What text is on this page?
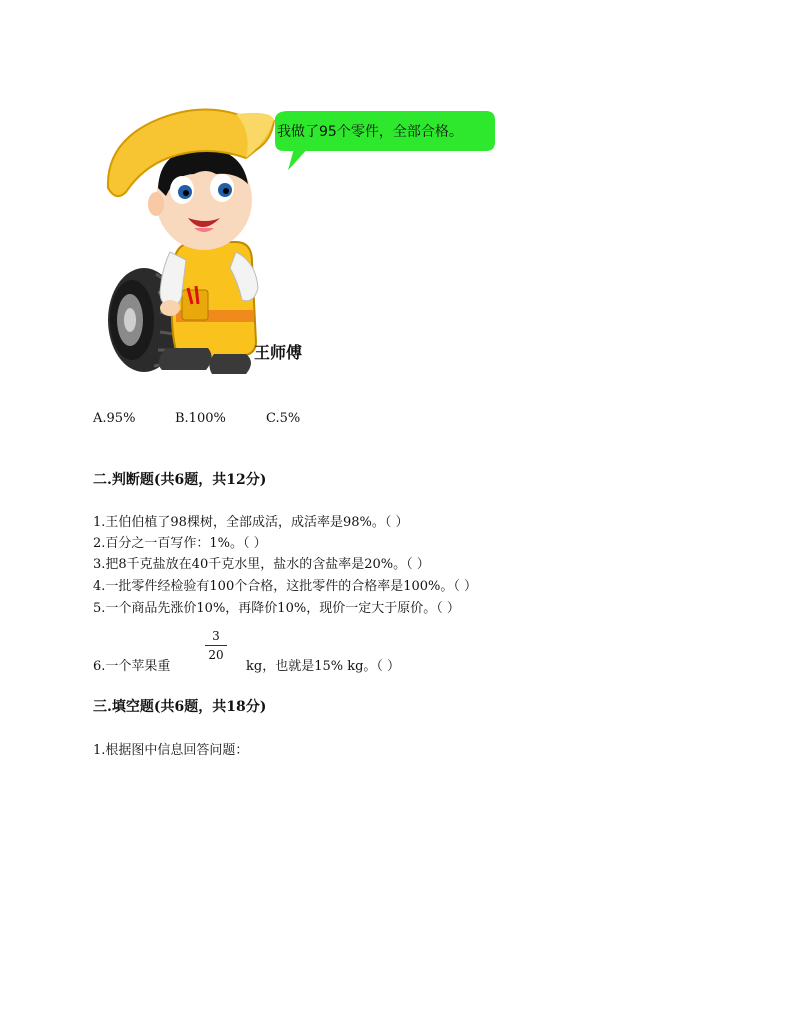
我做了95个零件，全部合格。
王师傅
A.95%	B.100%	C.5%
二.判断题(共6题，共12分)
1.王伯伯植了98棵树，全部成活，成活率是98%。（ ）
2.百分之一百写作：1%。（ ）
3.把8千克盐放在40千克水里，盐水的含盐率是20%。（ ）
4.一批零件经检验有100个合格，这批零件的合格率是100%。（ ）
5.一个商品先涨价10%，再降价10%，现价一定大于原价。（ ）
6.一个苹果重
3
20
kg，也就是15% kg。（ ）
三.填空题(共6题，共18分)
1.根据图中信息回答问题：
